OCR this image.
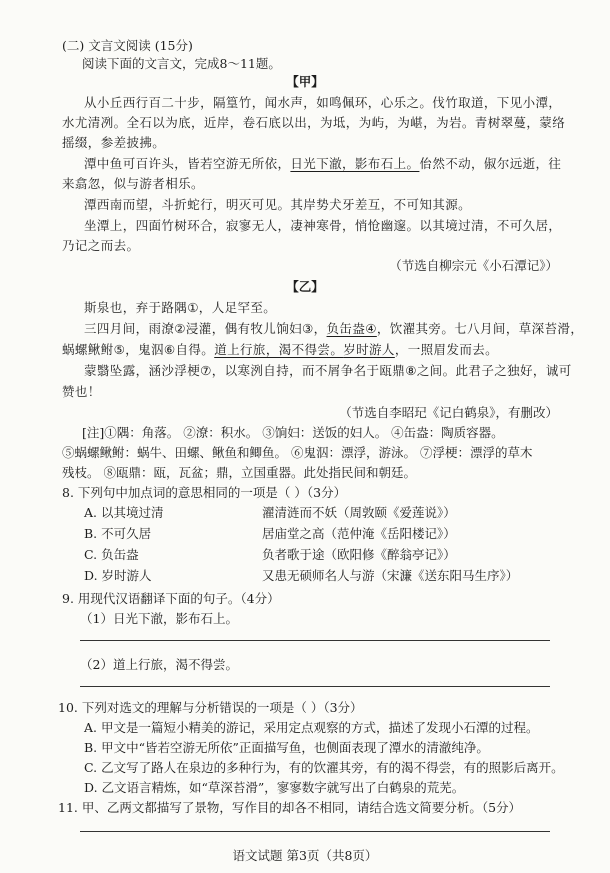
(二) 文言文阅读 (15分)
阅读下面的文言文，完成8～11题。
【甲】
从小丘西行百二十步，隔篁竹，闻水声，如鸣佩环，心乐之。伐竹取道，下见小潭，
水尤清冽。全石以为底，近岸，卷石底以出，为坻，为屿，为嵁，为岩。青树翠蔓，蒙络
摇缀，参差披拂。
潭中鱼可百许头，皆若空游无所依，日光下澈，影布石上。佁然不动，俶尔远逝，往
来翕忽，似与游者相乐。
潭西南而望，斗折蛇行，明灭可见。其岸势犬牙差互，不可知其源。
坐潭上，四面竹树环合，寂寥无人，凄神寒骨，悄怆幽邃。以其境过清，不可久居，
乃记之而去。
（节选自柳宗元《小石潭记》）
【乙】
斯泉也，弃于路隅①，人足罕至。
三四月间，雨潦②浸灌，偶有牧儿饷妇③，负缶盎④，饮濯其旁。七八月间，草深苔滑，
蜗螺鳅鲋⑤，鬼泅⑥自得。道上行旅，渴不得尝。岁时游人，一照眉发而去。
蒙翳坠露，涵沙浮梗⑦，以寒洌自持，而不屑争名于瓯鼎⑧之间。此君子之独好，诚可
赞也！
（节选自李昭玘《记白鹤泉》，有删改）
[注]①隅：角落。 ②潦：积水。 ③饷妇：送饭的妇人。 ④缶盎：陶质容器。
⑤蜗螺鳅鲋：蜗牛、田螺、鳅鱼和鲫鱼。 ⑥鬼泅：漂浮，游泳。 ⑦浮梗：漂浮的草木
残枝。 ⑧瓯鼎：瓯，瓦盆；鼎，立国重器。此处指民间和朝廷。
8. 下列句中加点词的意思相同的一项是（ ）（3分）
A. 以其境过清	濯清涟而不妖（周敦颐《爱莲说》）
B. 不可久居	居庙堂之高（范仲淹《岳阳楼记》）
C. 负缶盎	负者歌于途（欧阳修《醉翁亭记》）
D. 岁时游人	又患无硕师名人与游（宋濂《送东阳马生序》）
9. 用现代汉语翻译下面的句子。（4分）
（1）日光下澈，影布石上。
（2）道上行旅，渴不得尝。
10. 下列对选文的理解与分析错误的一项是（ ）（3分）
A. 甲文是一篇短小精美的游记，采用定点观察的方式，描述了发现小石潭的过程。
B. 甲文中“皆若空游无所依”正面描写鱼，也侧面表现了潭水的清澈纯净。
C. 乙文写了路人在泉边的多种行为，有的饮濯其旁，有的渴不得尝，有的照影后离开。
D. 乙文语言精炼，如“草深苔滑”，寥寥数字就写出了白鹤泉的荒芜。
11. 甲、乙两文都描写了景物，写作目的却各不相同，请结合选文简要分析。（5分）
语文试题 第3页（共8页）
